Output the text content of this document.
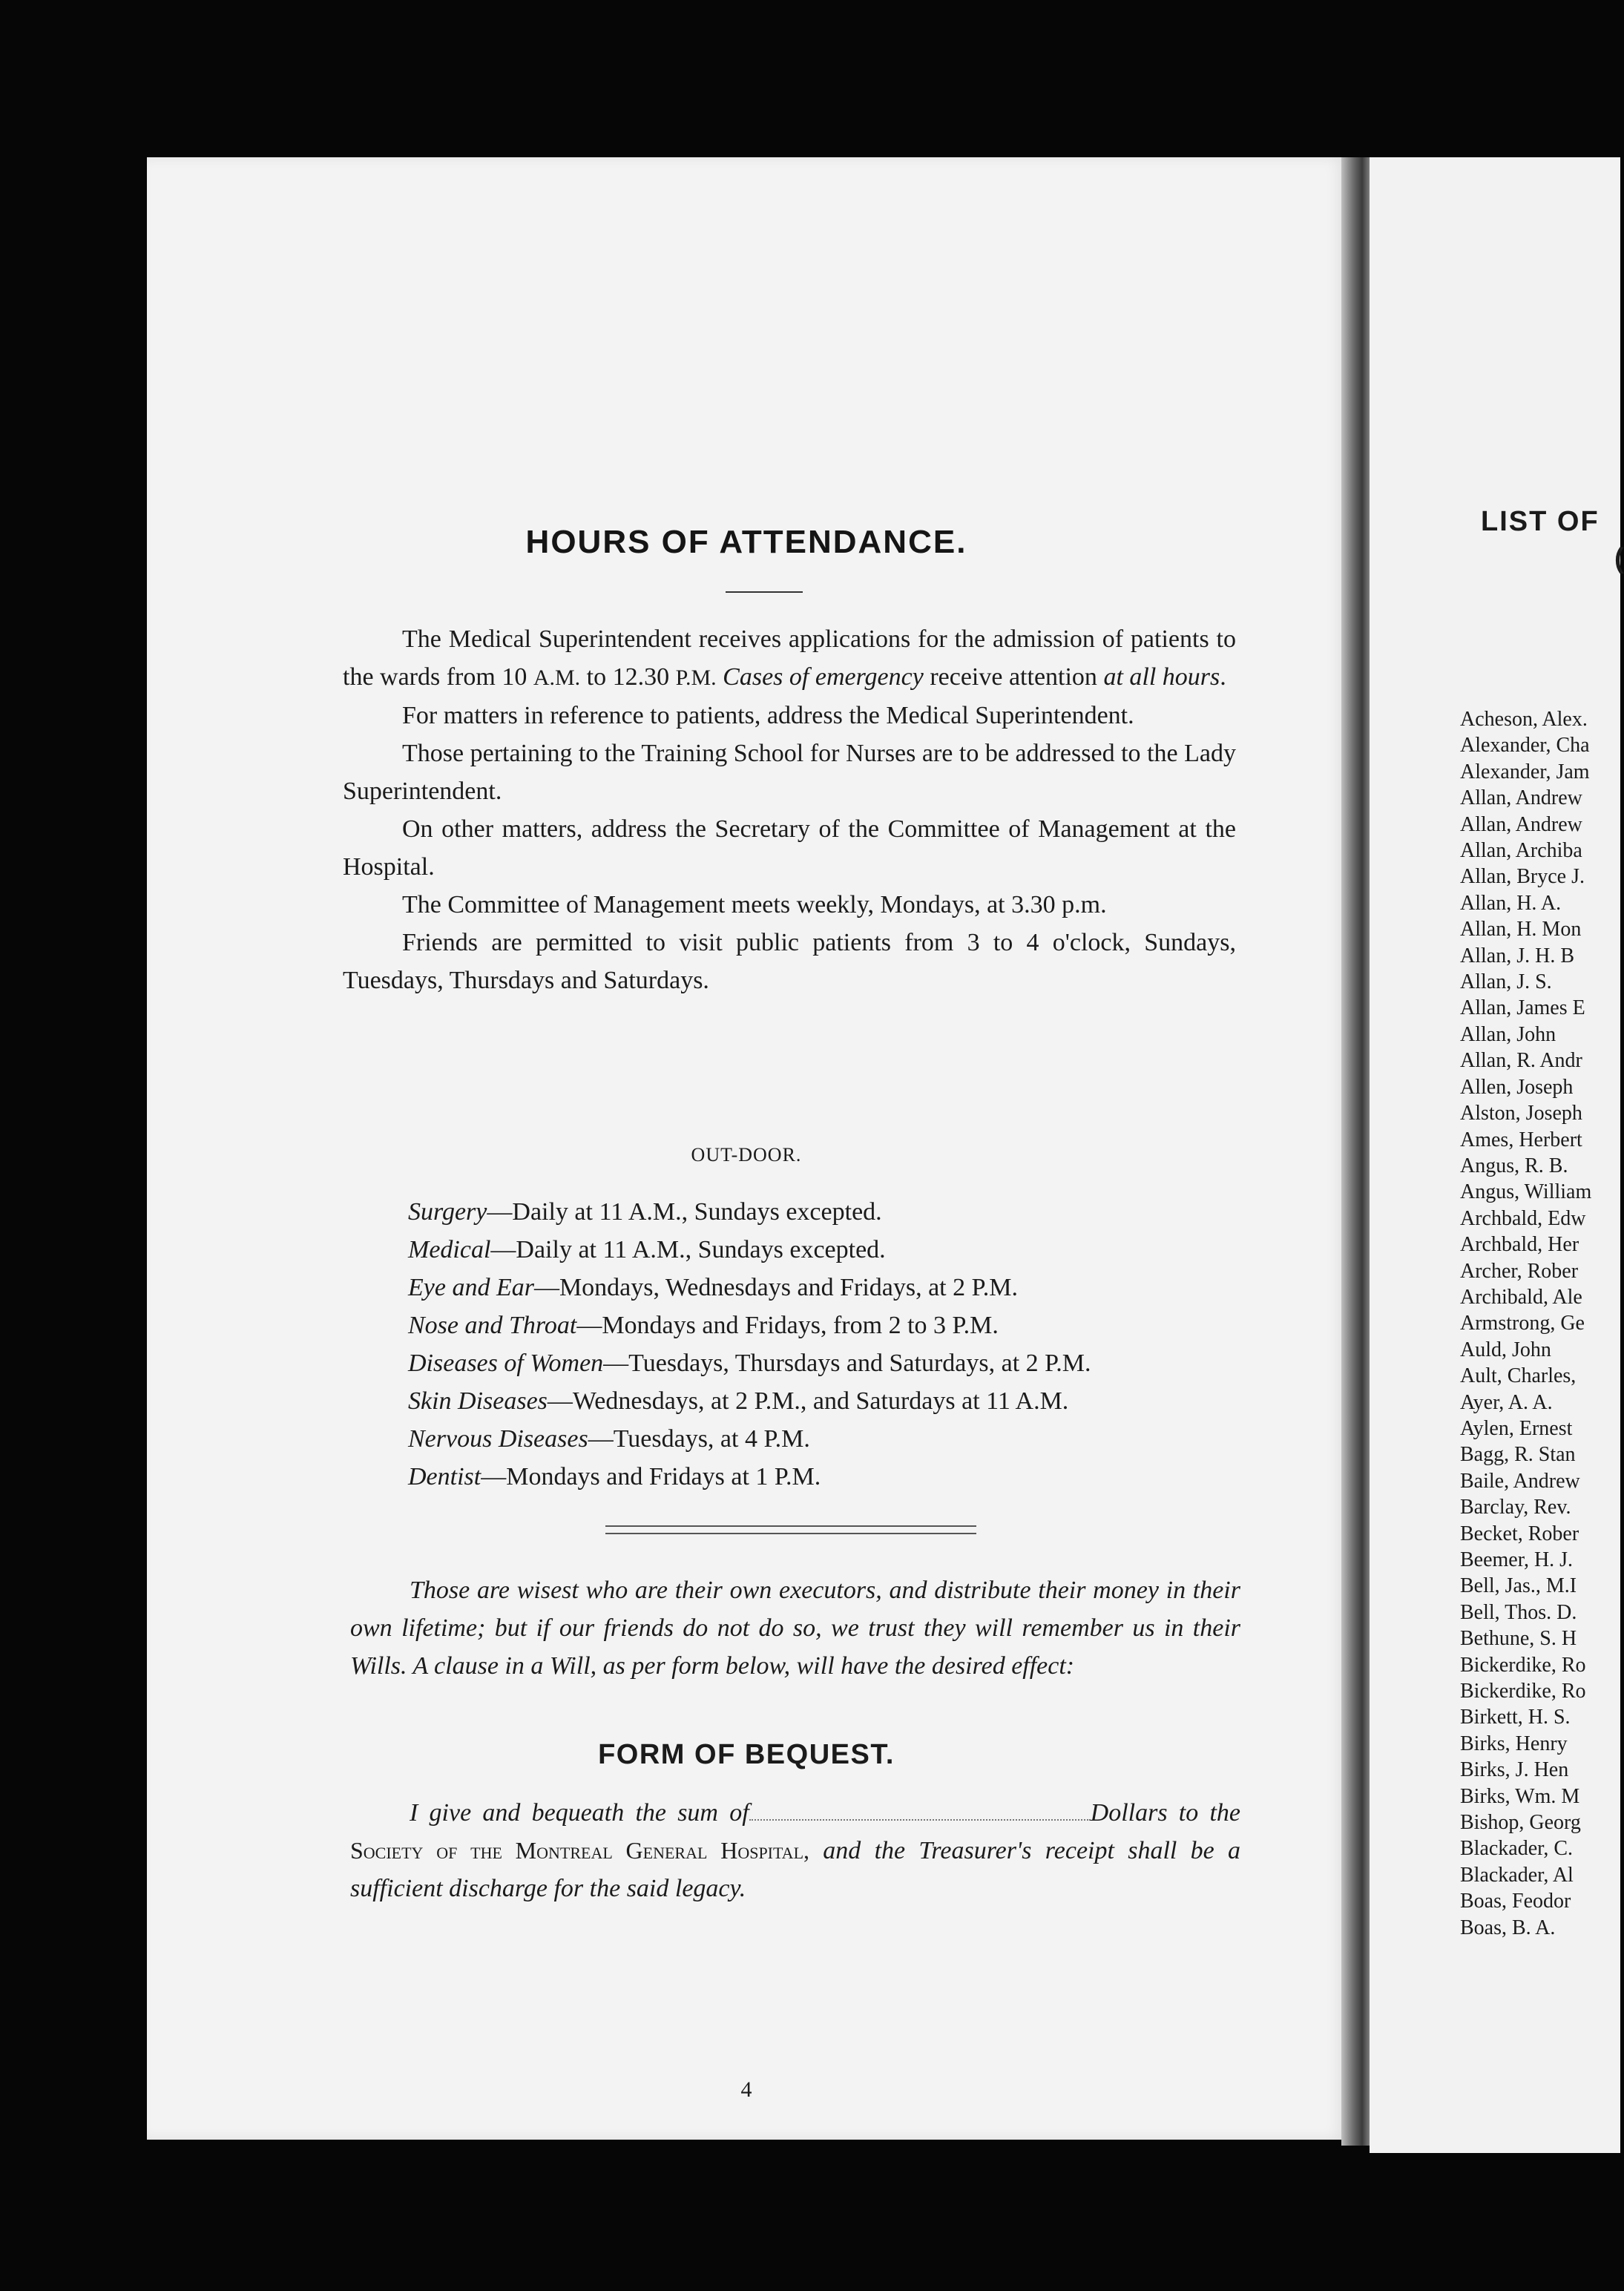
HOURS OF ATTENDANCE.

The Medical Superintendent receives applications for the admission of patients to the wards from 10 A.M. to 12.30 P.M. Cases of emergency receive attention at all hours.

For matters in reference to patients, address the Medical Superintendent.

Those pertaining to the Training School for Nurses are to be addressed to the Lady Superintendent.

On other matters, address the Secretary of the Committee of Management at the Hospital.

The Committee of Management meets weekly, Mondays, at 3.30 p.m.

Friends are permitted to visit public patients from 3 to 4 o'clock, Sundays, Tuesdays, Thursdays and Saturdays.

OUT-DOOR.
Surgery—Daily at 11 A.M., Sundays excepted.
Medical—Daily at 11 A.M., Sundays excepted.
Eye and Ear—Mondays, Wednesdays and Fridays, at 2 P.M.
Nose and Throat—Mondays and Fridays, from 2 to 3 P.M.
Diseases of Women—Tuesdays, Thursdays and Saturdays, at 2 P.M.
Skin Diseases—Wednesdays, at 2 P.M., and Saturdays at 11 A.M.
Nervous Diseases—Tuesdays, at 4 P.M.
Dentist—Mondays and Fridays at 1 P.M.

Those are wisest who are their own executors, and distribute their money in their own lifetime; but if our friends do not do so, we trust they will remember us in their Wills. A clause in a Will, as per form below, will have the desired effect:

FORM OF BEQUEST.

I give and bequeath the sum of	Dollars to the Society of the Montreal General Hospital, and the Treasurer's receipt shall be a sufficient discharge for the said legacy.

4
LIST OF
(
Acheson, Alex.
Alexander, Cha
Alexander, Jam
Allan, Andrew
Allan, Andrew
Allan, Archiba
Allan, Bryce J.
Allan, H. A.
Allan, H. Mon
Allan, J. H. B
Allan, J. S.
Allan, James E
Allan, John
Allan, R. Andr
Allen, Joseph
Alston, Joseph
Ames, Herbert
Angus, R. B.
Angus, William
Archbald, Edw
Archbald, Her
Archer, Rober
Archibald, Ale
Armstrong, Ge
Auld, John
Ault, Charles,
Ayer, A. A.
Aylen, Ernest
Bagg, R. Stan
Baile, Andrew
Barclay, Rev.
Becket, Rober
Beemer, H. J.
Bell, Jas., M.I
Bell, Thos. D.
Bethune, S. H
Bickerdike, Ro
Bickerdike, Ro
Birkett, H. S.
Birks, Henry
Birks, J. Hen
Birks, Wm. M
Bishop, Georg
Blackader, C.
Blackader, Al
Boas, Feodor
Boas, B. A.
